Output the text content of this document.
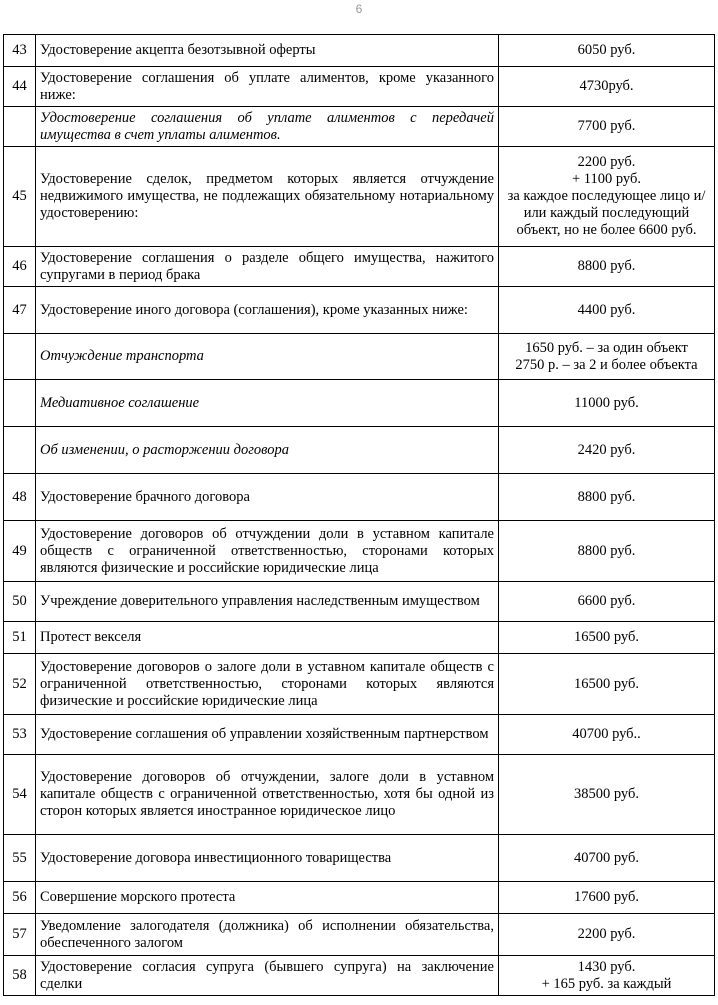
6
43	Удостоверение акцепта безотзывной оферты	6050 руб.
44	Удостоверение соглашения об уплате алиментов, кроме указанного ниже:	4730руб.
	Удостоверение соглашения об уплате алиментов с передачей имущества в счет уплаты алиментов.	7700 руб.
45	Удостоверение сделок, предметом которых является отчуждение недвижимого имущества, не подлежащих обязательному нотариальному удостоверению:	2200 руб.
+ 1100 руб.
за каждое последующее лицо и/или каждый последующий объект, но не более 6600 руб.
46	Удостоверение соглашения о разделе общего имущества, нажитого супругами в период брака	8800 руб.
47	Удостоверение иного договора (соглашения), кроме указанных ниже:	4400 руб.
	Отчуждение транспорта	1650 руб. – за один объект
2750 р. – за 2 и более объекта
	Медиативное соглашение	11000 руб.
	Об изменении, о расторжении договора	2420 руб.
48	Удостоверение брачного договора	8800 руб.
49	Удостоверение договоров об отчуждении доли в уставном капитале обществ с ограниченной ответственностью, сторонами которых являются физические и российские юридические лица	8800 руб.
50	Учреждение доверительного управления наследственным имуществом	6600 руб.
51	Протест векселя	16500 руб.
52	Удостоверение договоров о залоге доли в уставном капитале обществ с ограниченной ответственностью, сторонами которых являются физические и российские юридические лица	16500 руб.
53	Удостоверение соглашения об управлении хозяйственным партнерством	40700 руб..
54	Удостоверение договоров об отчуждении, залоге доли в уставном капитале обществ с ограниченной ответственностью, хотя бы одной из сторон которых является иностранное юридическое лицо	38500 руб.
55	Удостоверение договора инвестиционного товарищества	40700 руб.
56	Совершение морского протеста	17600 руб.
57	Уведомление залогодателя (должника) об исполнении обязательства, обеспеченного залогом	2200 руб.
58	Удостоверение согласия супруга (бывшего супруга) на заключение сделки	1430 руб.
+ 165 руб. за каждый
